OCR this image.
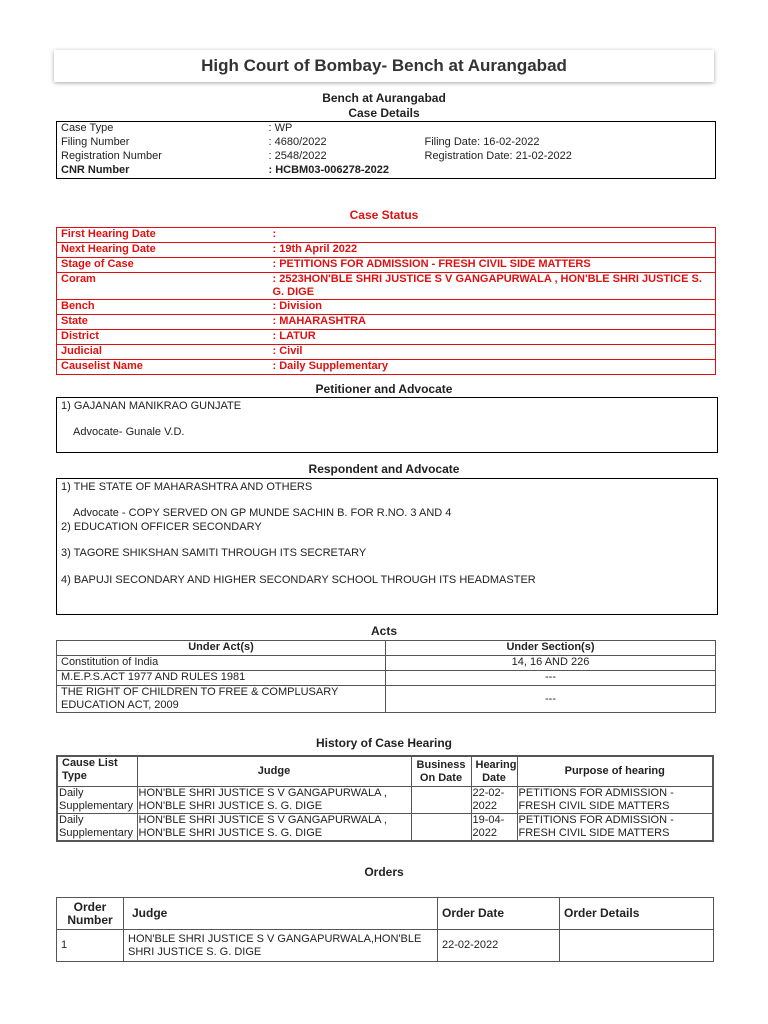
High Court of Bombay- Bench at Aurangabad
Bench at Aurangabad
Case Details
Case Type	: WP	
Filing Number	: 4680/2022	Filing Date: 16-02-2022
Registration Number	: 2548/2022	Registration Date: 21-02-2022
CNR Number	: HCBM03-006278-2022	
Case Status
First Hearing Date	:
Next Hearing Date	: 19th April 2022
Stage of Case	: PETITIONS FOR ADMISSION - FRESH CIVIL SIDE MATTERS
Coram	: 2523HON'BLE SHRI JUSTICE S V GANGAPURWALA , HON'BLE SHRI JUSTICE S. G. DIGE
Bench	: Division
State	: MAHARASHTRA
District	: LATUR
Judicial	: Civil
Causelist Name	: Daily Supplementary
Petitioner and Advocate
1) GAJANAN MANIKRAO GUNJATE
Advocate- Gunale V.D.
Respondent and Advocate
1) THE STATE OF MAHARASHTRA AND OTHERS
Advocate - COPY SERVED ON GP MUNDE SACHIN B. FOR R.NO. 3 AND 4
2) EDUCATION OFFICER SECONDARY
3) TAGORE SHIKSHAN SAMITI THROUGH ITS SECRETARY
4) BAPUJI SECONDARY AND HIGHER SECONDARY SCHOOL THROUGH ITS HEADMASTER
Acts
Under Act(s)	Under Section(s)
Constitution of India	14, 16 AND 226
M.E.P.S.ACT 1977 AND RULES 1981	---
THE RIGHT OF CHILDREN TO FREE & COMPLUSARY EDUCATION ACT, 2009	---
History of Case Hearing
Cause List Type	Judge	Business On Date	Hearing Date	Purpose of hearing
Daily Supplementary	HON'BLE SHRI JUSTICE S V GANGAPURWALA , HON'BLE SHRI JUSTICE S. G. DIGE		22-02-2022	PETITIONS FOR ADMISSION - FRESH CIVIL SIDE MATTERS
Daily Supplementary	HON'BLE SHRI JUSTICE S V GANGAPURWALA , HON'BLE SHRI JUSTICE S. G. DIGE		19-04-2022	PETITIONS FOR ADMISSION - FRESH CIVIL SIDE MATTERS
Orders
Order Number	Judge	Order Date	Order Details
1	HON'BLE SHRI JUSTICE S V GANGAPURWALA,HON'BLE SHRI JUSTICE S. G. DIGE	22-02-2022	
